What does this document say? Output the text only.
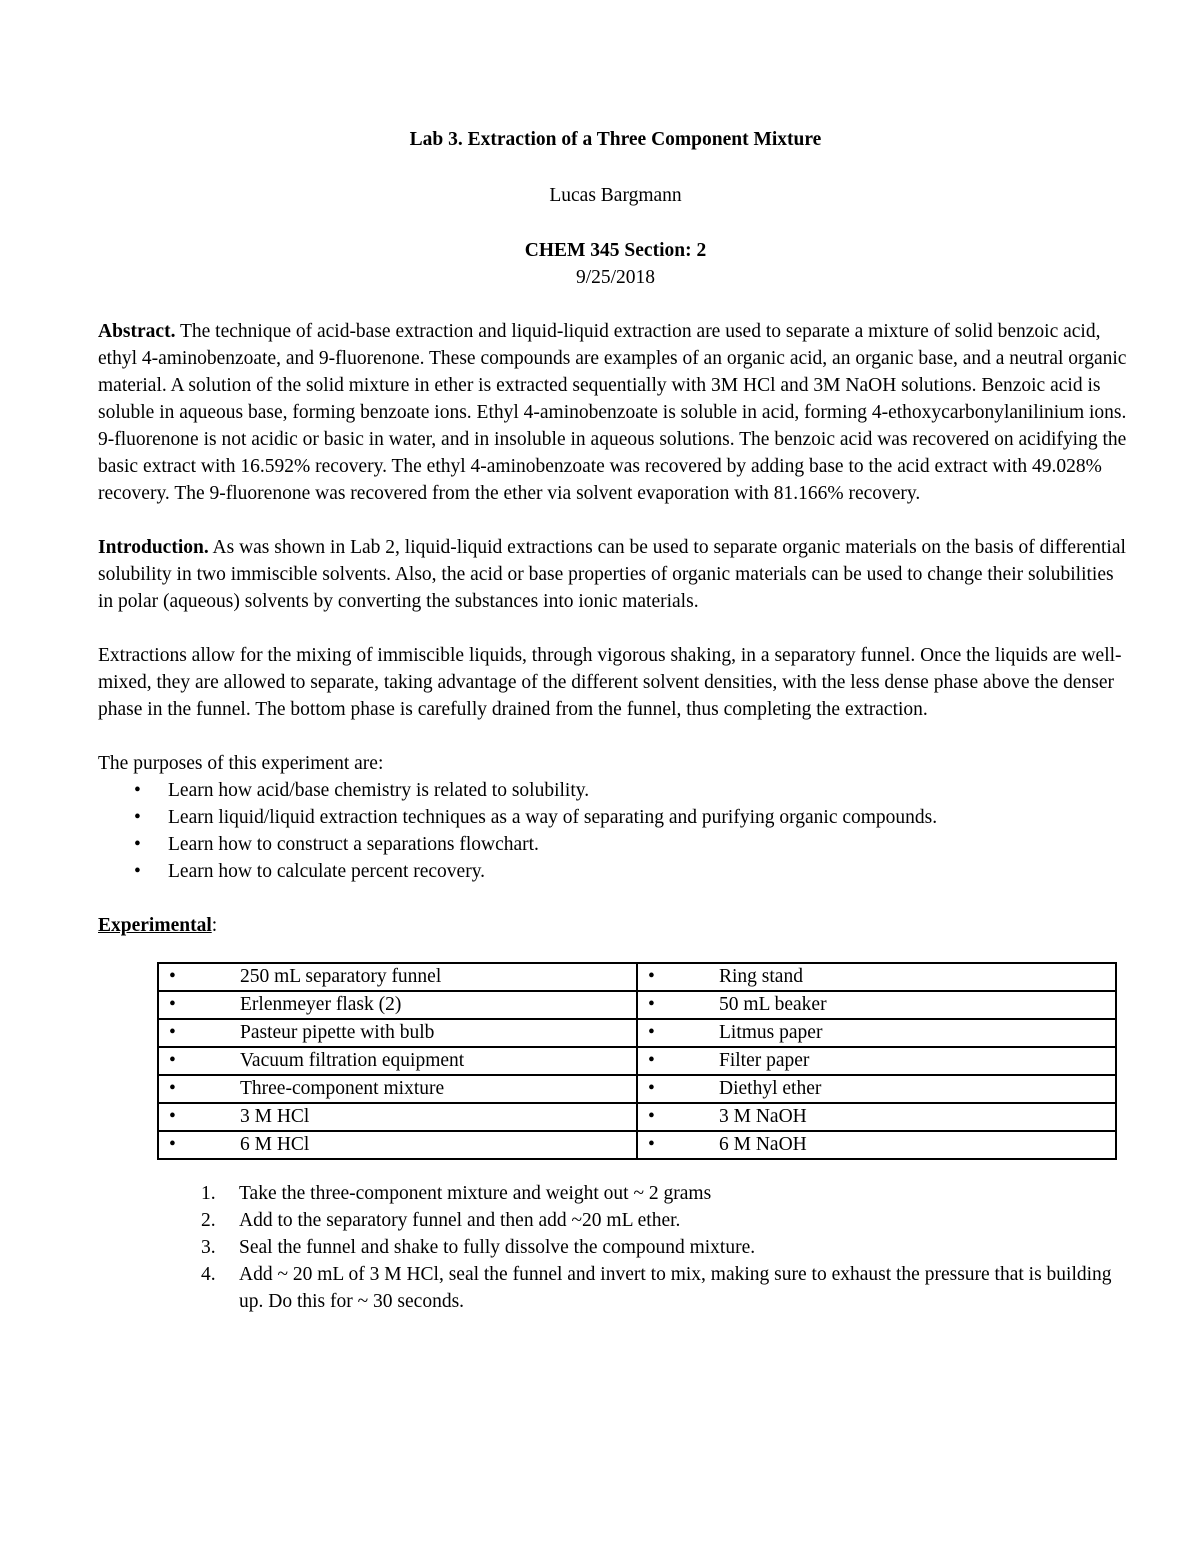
Lab 3. Extraction of a Three Component Mixture

Lucas Bargmann

CHEM 345 Section: 2

9/25/2018

Abstract. The technique of acid-base extraction and liquid-liquid extraction are used to separate a mixture of solid benzoic acid, ethyl 4-aminobenzoate, and 9-fluorenone. These compounds are examples of an organic acid, an organic base, and a neutral organic material. A solution of the solid mixture in ether is extracted sequentially with 3M HCl and 3M NaOH solutions. Benzoic acid is soluble in aqueous base, forming benzoate ions. Ethyl 4-aminobenzoate is soluble in acid, forming 4-ethoxycarbonylanilinium ions. 9-fluorenone is not acidic or basic in water, and in insoluble in aqueous solutions. The benzoic acid was recovered on acidifying the basic extract with 16.592% recovery. The ethyl 4-aminobenzoate was recovered by adding base to the acid extract with 49.028% recovery. The 9-fluorenone was recovered from the ether via solvent evaporation with 81.166% recovery.

Introduction. As was shown in Lab 2, liquid-liquid extractions can be used to separate organic materials on the basis of differential solubility in two immiscible solvents. Also, the acid or base properties of organic materials can be used to change their solubilities in polar (aqueous) solvents by converting the substances into ionic materials.

Extractions allow for the mixing of immiscible liquids, through vigorous shaking, in a separatory funnel. Once the liquids are well-mixed, they are allowed to separate, taking advantage of the different solvent densities, with the less dense phase above the denser phase in the funnel. The bottom phase is carefully drained from the funnel, thus completing the extraction.

The purposes of this experiment are:

• Learn how acid/base chemistry is related to solubility.
• Learn liquid/liquid extraction techniques as a way of separating and purifying organic compounds.
• Learn how to construct a separations flowchart.
• Learn how to calculate percent recovery.

Experimental:

• 250 mL separatory funnel	• Ring stand

• Erlenmeyer flask (2)	• 50 mL beaker

• Pasteur pipette with bulb	• Litmus paper

• Vacuum filtration equipment	• Filter paper

• Three-component mixture	• Diethyl ether

• 3 M HCl	• 3 M NaOH

• 6 M HCl	• 6 M NaOH
1. Take the three-component mixture and weight out ~ 2 grams
2. Add to the separatory funnel and then add ~20 mL ether.
3. Seal the funnel and shake to fully dissolve the compound mixture.
4. Add ~ 20 mL of 3 M HCl, seal the funnel and invert to mix, making sure to exhaust the pressure that is building up. Do this for ~ 30 seconds.
